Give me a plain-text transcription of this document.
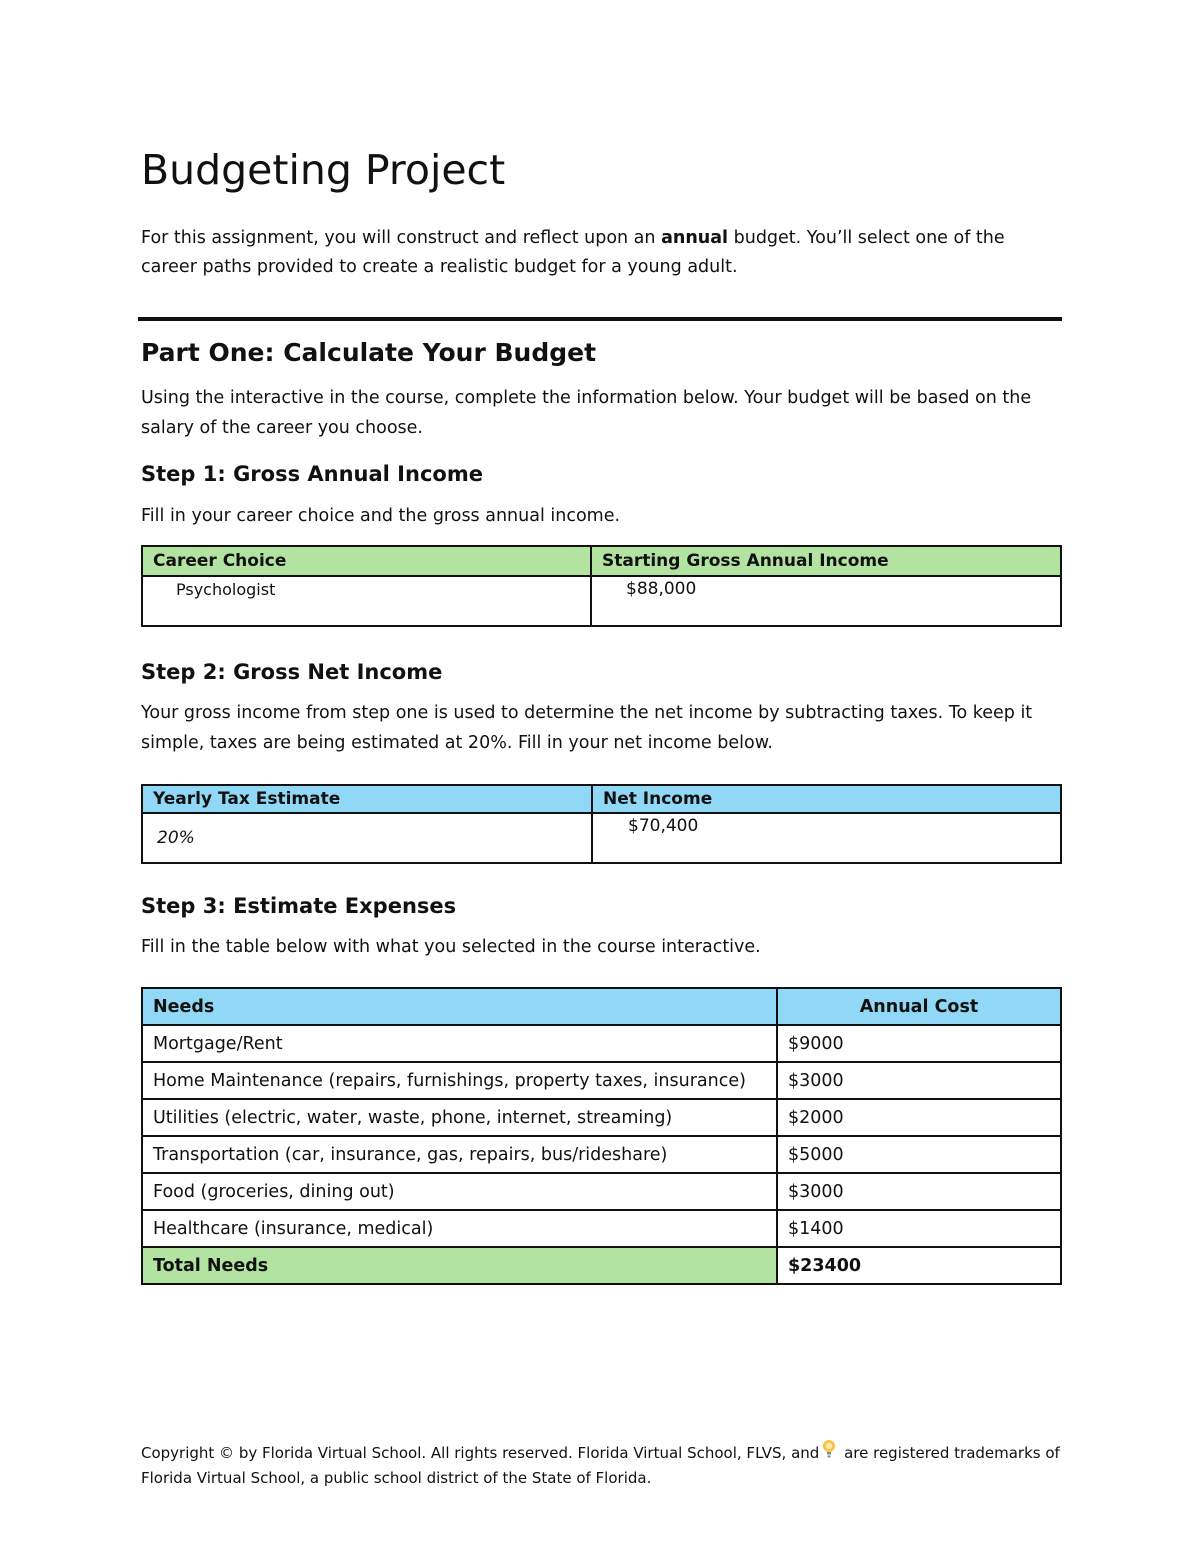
Budgeting Project

For this assignment, you will construct and reflect upon an annual budget. You’ll select one of the career paths provided to create a realistic budget for a young adult.

Part One: Calculate Your Budget

Using the interactive in the course, complete the information below. Your budget will be based on the salary of the career you choose.

Step 1: Gross Annual Income

Fill in your career choice and the gross annual income.

Career Choice	Starting Gross Annual Income
Psychologist	$88,000
Step 2: Gross Net Income

Your gross income from step one is used to determine the net income by subtracting taxes. To keep it simple, taxes are being estimated at 20%. Fill in your net income below.

Yearly Tax Estimate	Net Income
20%	$70,400
Step 3: Estimate Expenses

Fill in the table below with what you selected in the course interactive.

Needs	Annual Cost
Mortgage/Rent	$9000
Home Maintenance (repairs, furnishings, property taxes, insurance)	$3000
Utilities (electric, water, waste, phone, internet, streaming)	$2000
Transportation (car, insurance, gas, repairs, bus/rideshare)	$5000
Food (groceries, dining out)	$3000
Healthcare (insurance, medical)	$1400
Total Needs	$23400

Copyright © by Florida Virtual School. All rights reserved. Florida Virtual School, FLVS, and are registered trademarks of Florida Virtual School, a public school district of the State of Florida.
